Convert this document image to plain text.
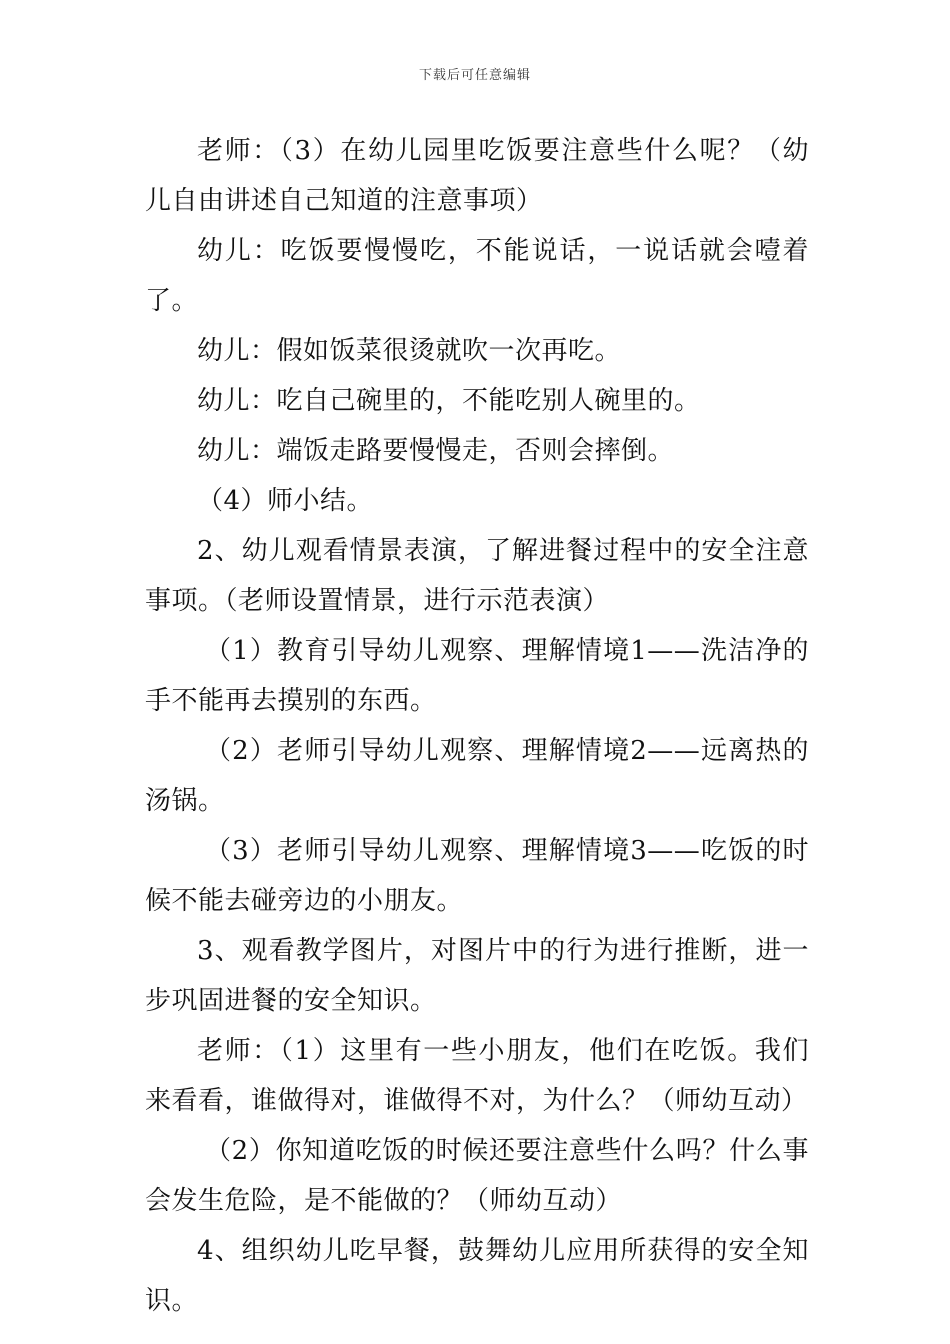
下载后可任意编辑

老师：（3）在幼儿园里吃饭要注意些什么呢？（幼儿自由讲述自己知道的注意事项）

幼儿：吃饭要慢慢吃，不能说话，一说话就会噎着了。

幼儿：假如饭菜很烫就吹一次再吃。

幼儿：吃自己碗里的，不能吃别人碗里的。

幼儿：端饭走路要慢慢走，否则会摔倒。

（4）师小结。

2、幼儿观看情景表演，了解进餐过程中的安全注意事项。（老师设置情景，进行示范表演）

（1）教育引导幼儿观察、理解情境1——洗洁净的手不能再去摸别的东西。

（2）老师引导幼儿观察、理解情境2——远离热的汤锅。

（3）老师引导幼儿观察、理解情境3——吃饭的时候不能去碰旁边的小朋友。

3、观看教学图片，对图片中的行为进行推断，进一步巩固进餐的安全知识。

老师：（1）这里有一些小朋友，他们在吃饭。我们来看看，谁做得对，谁做得不对，为什么？（师幼互动）

（2）你知道吃饭的时候还要注意些什么吗？什么事会发生危险，是不能做的？（师幼互动）

4、组织幼儿吃早餐，鼓舞幼儿应用所获得的安全知识。
